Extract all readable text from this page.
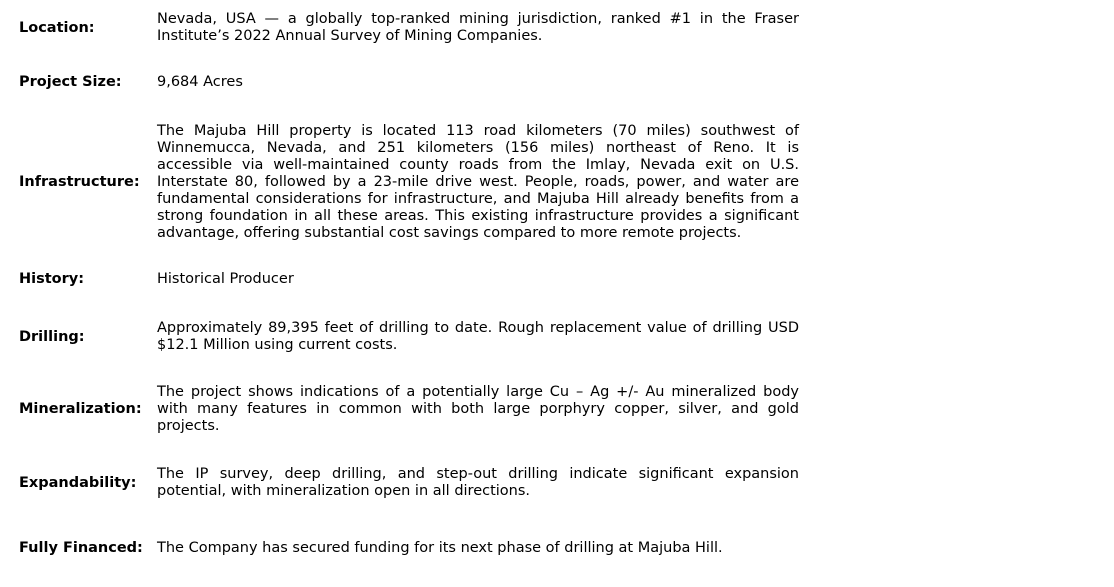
Location:
Nevada, USA — a globally top-ranked mining jurisdiction, ranked #1 in the Fraser Institute’s 2022 Annual Survey of Mining Companies.
Project Size:	9,684 Acres
Infrastructure:
The Majuba Hill property is located 113 road kilometers (70 miles) southwest of Winnemucca, Nevada, and 251 kilometers (156 miles) northeast of Reno. It is accessible via well-maintained county roads from the Imlay, Nevada exit on U.S. Interstate 80, followed by a 23-mile drive west. People, roads, power, and water are fundamental considerations for infrastructure, and Majuba Hill already benefits from a strong foundation in all these areas. This existing infrastructure provides a significant advantage, offering substantial cost savings compared to more remote projects.
History:	Historical Producer
Drilling:
Approximately 89,395 feet of drilling to date. Rough replacement value of drilling USD $12.1 Million using current costs.
Mineralization:
The project shows indications of a potentially large Cu – Ag +/- Au mineralized body with many features in common with both large porphyry copper, silver, and gold projects.
Expandability:
The IP survey, deep drilling, and step-out drilling indicate significant expansion potential, with mineralization open in all directions.
Fully Financed: The Company has secured funding for its next phase of drilling at Majuba Hill.
